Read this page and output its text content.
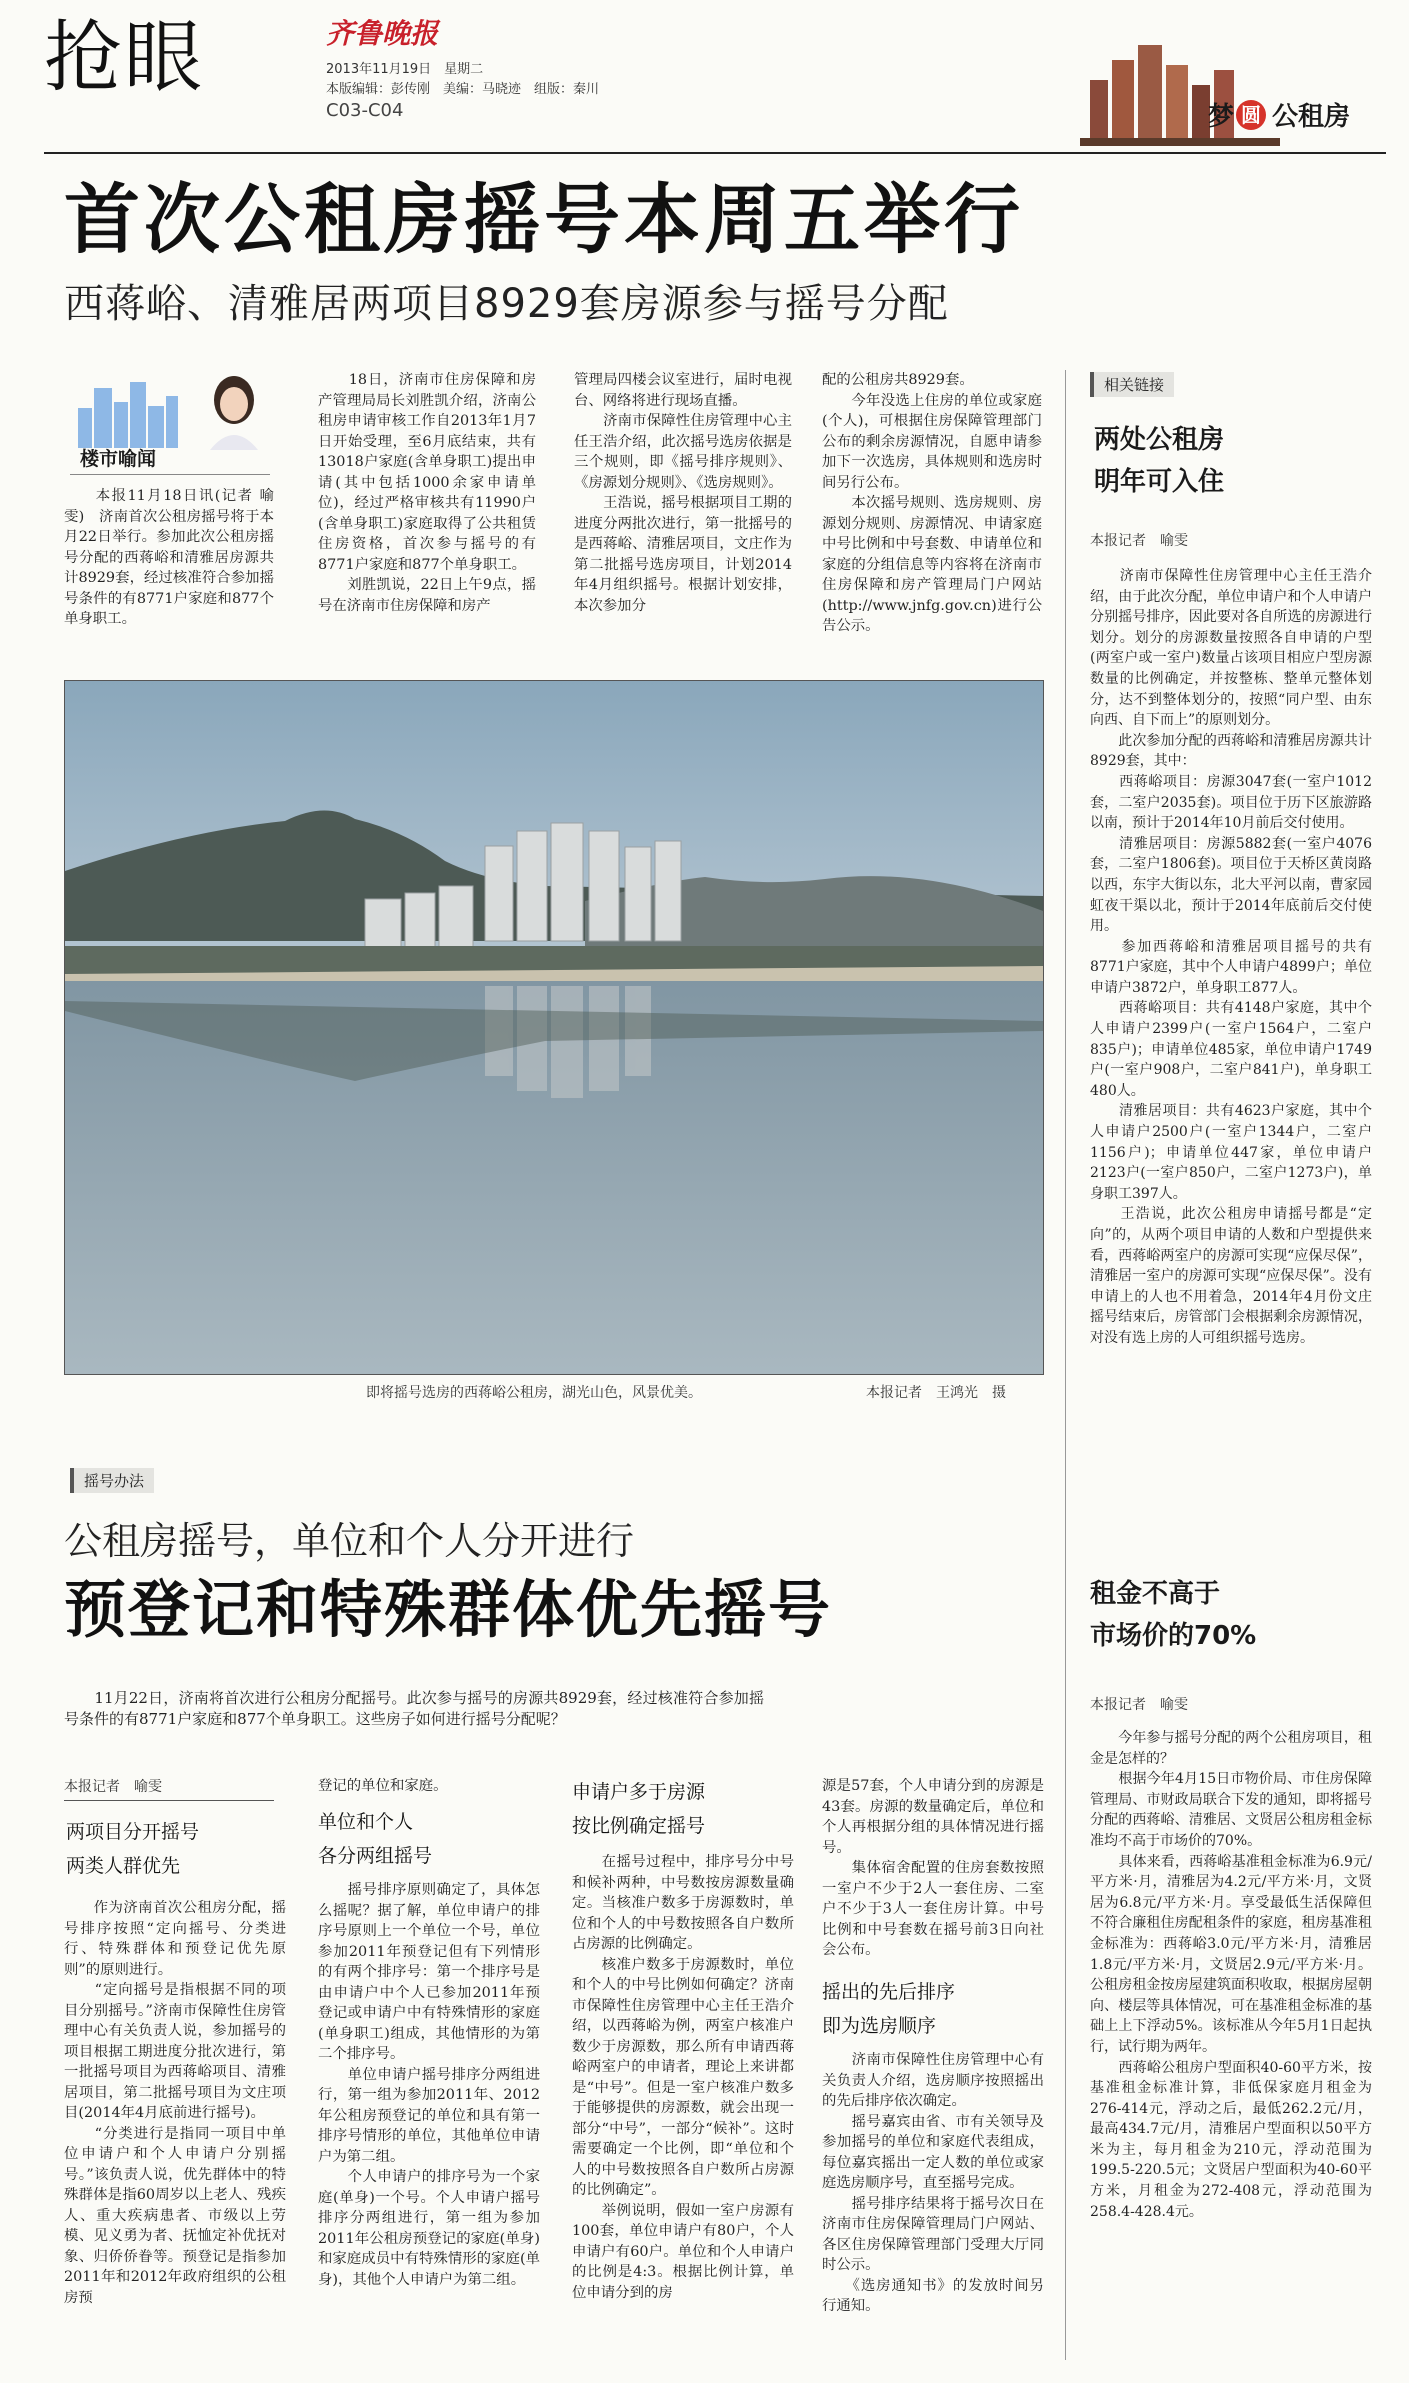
抢眼	齐鲁晚报
2013年11月19日　星期二
本版编辑：彭传刚　美编：马晓迹　组版：秦川
C03-C04	梦 圆 公租房
首次公租房摇号本周五举行
西蒋峪、清雅居两项目8929套房源参与摇号分配
楼市喻闻
　　本报11月18日讯(记者 喻雯)　济南首次公租房摇号将于本月22日举行。参加此次公租房摇号分配的西蒋峪和清雅居房源共计8929套，经过核准符合参加摇号条件的有8771户家庭和877个单身职工。
　　18日，济南市住房保障和房产管理局局长刘胜凯介绍，济南公租房申请审核工作自2013年1月7日开始受理，至6月底结束，共有13018户家庭(含单身职工)提出申请(其中包括1000余家申请单位)，经过严格审核共有11990户(含单身职工)家庭取得了公共租赁住房资格，首次参与摇号的有8771户家庭和877个单身职工。
　　刘胜凯说，22日上午9点，摇号在济南市住房保障和房产
管理局四楼会议室进行，届时电视台、网络将进行现场直播。
　　济南市保障性住房管理中心主任王浩介绍，此次摇号选房依据是三个规则，即《摇号排序规则》、《房源划分规则》、《选房规则》。
　　王浩说，摇号根据项目工期的进度分两批次进行，第一批摇号的是西蒋峪、清雅居项目，文庄作为第二批摇号选房项目，计划2014年4月组织摇号。根据计划安排，本次参加分
配的公租房共8929套。
　　今年没选上住房的单位或家庭(个人)，可根据住房保障管理部门公布的剩余房源情况，自愿申请参加下一次选房，具体规则和选房时间另行公布。
　　本次摇号规则、选房规则、房源划分规则、房源情况、申请家庭中号比例和中号套数、申请单位和家庭的分组信息等内容将在济南市住房保障和房产管理局门户网站(http://www.jnfg.gov.cn)进行公告公示。
即将摇号选房的西蒋峪公租房，湖光山色，风景优美。	本报记者　王鸿光　摄
相关链接
两处公租房
明年可入住
本报记者　喻雯
　　济南市保障性住房管理中心主任王浩介绍，由于此次分配，单位申请户和个人申请户分别摇号排序，因此要对各自所选的房源进行划分。划分的房源数量按照各自申请的户型(两室户或一室户)数量占该项目相应户型房源数量的比例确定，并按整栋、整单元整体划分，达不到整体划分的，按照“同户型、由东向西、自下而上”的原则划分。
　　此次参加分配的西蒋峪和清雅居房源共计8929套，其中：
　　西蒋峪项目：房源3047套(一室户1012套，二室户2035套)。项目位于历下区旅游路以南，预计于2014年10月前后交付使用。
　　清雅居项目：房源5882套(一室户4076套，二室户1806套)。项目位于天桥区黄岗路以西，东宇大街以东，北大平河以南，曹家园虹夜干渠以北，预计于2014年底前后交付使用。
　　参加西蒋峪和清雅居项目摇号的共有8771户家庭，其中个人申请户4899户；单位申请户3872户，单身职工877人。
　　西蒋峪项目：共有4148户家庭，其中个人申请户2399户(一室户1564户，二室户835户)；申请单位485家，单位申请户1749户(一室户908户，二室户841户)，单身职工480人。
　　清雅居项目：共有4623户家庭，其中个人申请户2500户(一室户1344户，二室户1156户)；申请单位447家，单位申请户2123户(一室户850户，二室户1273户)，单身职工397人。
　　王浩说，此次公租房申请摇号都是“定向”的，从两个项目申请的人数和户型提供来看，西蒋峪两室户的房源可实现“应保尽保”，清雅居一室户的房源可实现“应保尽保”。没有申请上的人也不用着急，2014年4月份文庄摇号结束后，房管部门会根据剩余房源情况，对没有选上房的人可组织摇号选房。
租金不高于
市场价的70%
本报记者　喻雯
　　今年参与摇号分配的两个公租房项目，租金是怎样的？
　　根据今年4月15日市物价局、市住房保障管理局、市财政局联合下发的通知，即将摇号分配的西蒋峪、清雅居、文贤居公租房租金标准均不高于市场价的70%。
　　具体来看，西蒋峪基准租金标准为6.9元/平方米·月，清雅居为4.2元/平方米·月，文贤居为6.8元/平方米·月。享受最低生活保障但不符合廉租住房配租条件的家庭，租房基准租金标准为：西蒋峪3.0元/平方米·月，清雅居1.8元/平方米·月，文贤居2.9元/平方米·月。公租房租金按房屋建筑面积收取，根据房屋朝向、楼层等具体情况，可在基准租金标准的基础上上下浮动5%。该标准从今年5月1日起执行，试行期为两年。
　　西蒋峪公租房户型面积40-60平方米，按基准租金标准计算，非低保家庭月租金为276-414元，浮动之后，最低262.2元/月，最高434.7元/月，清雅居户型面积以50平方米为主，每月租金为210元，浮动范围为199.5-220.5元；文贤居户型面积为40-60平方米，月租金为272-408元，浮动范围为258.4-428.4元。
摇号办法
公租房摇号，单位和个人分开进行
预登记和特殊群体优先摇号
　　11月22日，济南将首次进行公租房分配摇号。此次参与摇号的房源共8929套，经过核准符合参加摇号条件的有8771户家庭和877个单身职工。这些房子如何进行摇号分配呢？
本报记者　喻雯
两项目分开摇号
两类人群优先
　　作为济南首次公租房分配，摇号排序按照“定向摇号、分类进行、特殊群体和预登记优先原则”的原则进行。
　　“定向摇号是指根据不同的项目分别摇号。”济南市保障性住房管理中心有关负责人说，参加摇号的项目根据工期进度分批次进行，第一批摇号项目为西蒋峪项目、清雅居项目，第二批摇号项目为文庄项目(2014年4月底前进行摇号)。
　　“分类进行是指同一项目中单位申请户和个人申请户分别摇号。”该负责人说，优先群体中的特殊群体是指60周岁以上老人、残疾人、重大疾病患者、市级以上劳模、见义勇为者、抚恤定补优抚对象、归侨侨眷等。预登记是指参加2011年和2012年政府组织的公租房预
登记的单位和家庭。
单位和个人
各分两组摇号
　　摇号排序原则确定了，具体怎么摇呢？据了解，单位申请户的排序号原则上一个单位一个号，单位参加2011年预登记但有下列情形的有两个排序号：第一个排序号是由申请户中个人已参加2011年预登记或申请户中有特殊情形的家庭(单身职工)组成，其他情形的为第二个排序号。
　　单位申请户摇号排序分两组进行，第一组为参加2011年、2012年公租房预登记的单位和具有第一排序号情形的单位，其他单位申请户为第二组。
　　个人申请户的排序号为一个家庭(单身)一个号。个人申请户摇号排序分两组进行，第一组为参加2011年公租房预登记的家庭(单身)和家庭成员中有特殊情形的家庭(单身)，其他个人申请户为第二组。
申请户多于房源
按比例确定摇号
　　在摇号过程中，排序号分中号和候补两种，中号数按房源数量确定。当核准户数多于房源数时，单位和个人的中号数按照各自户数所占房源的比例确定。
　　核准户数多于房源数时，单位和个人的中号比例如何确定？济南市保障性住房管理中心主任王浩介绍，以西蒋峪为例，两室户核准户数少于房源数，那么所有申请西蒋峪两室户的申请者，理论上来讲都是“中号”。但是一室户核准户数多于能够提供的房源数，就会出现一部分“中号”，一部分“候补”。这时需要确定一个比例，即“单位和个人的中号数按照各自户数所占房源的比例确定”。
　　举例说明，假如一室户房源有100套，单位申请户有80户，个人申请户有60户。单位和个人申请户的比例是4:3。根据比例计算，单位申请分到的房
源是57套，个人申请分到的房源是43套。房源的数量确定后，单位和个人再根据分组的具体情况进行摇号。
　　集体宿舍配置的住房套数按照一室户不少于2人一套住房、二室户不少于3人一套住房计算。中号比例和中号套数在摇号前3日向社会公布。
摇出的先后排序
即为选房顺序
　　济南市保障性住房管理中心有关负责人介绍，选房顺序按照摇出的先后排序依次确定。
　　摇号嘉宾由省、市有关领导及参加摇号的单位和家庭代表组成，每位嘉宾摇出一定人数的单位或家庭选房顺序号，直至摇号完成。
　　摇号排序结果将于摇号次日在济南市住房保障管理局门户网站、各区住房保障管理部门受理大厅同时公示。
　　《选房通知书》的发放时间另行通知。
